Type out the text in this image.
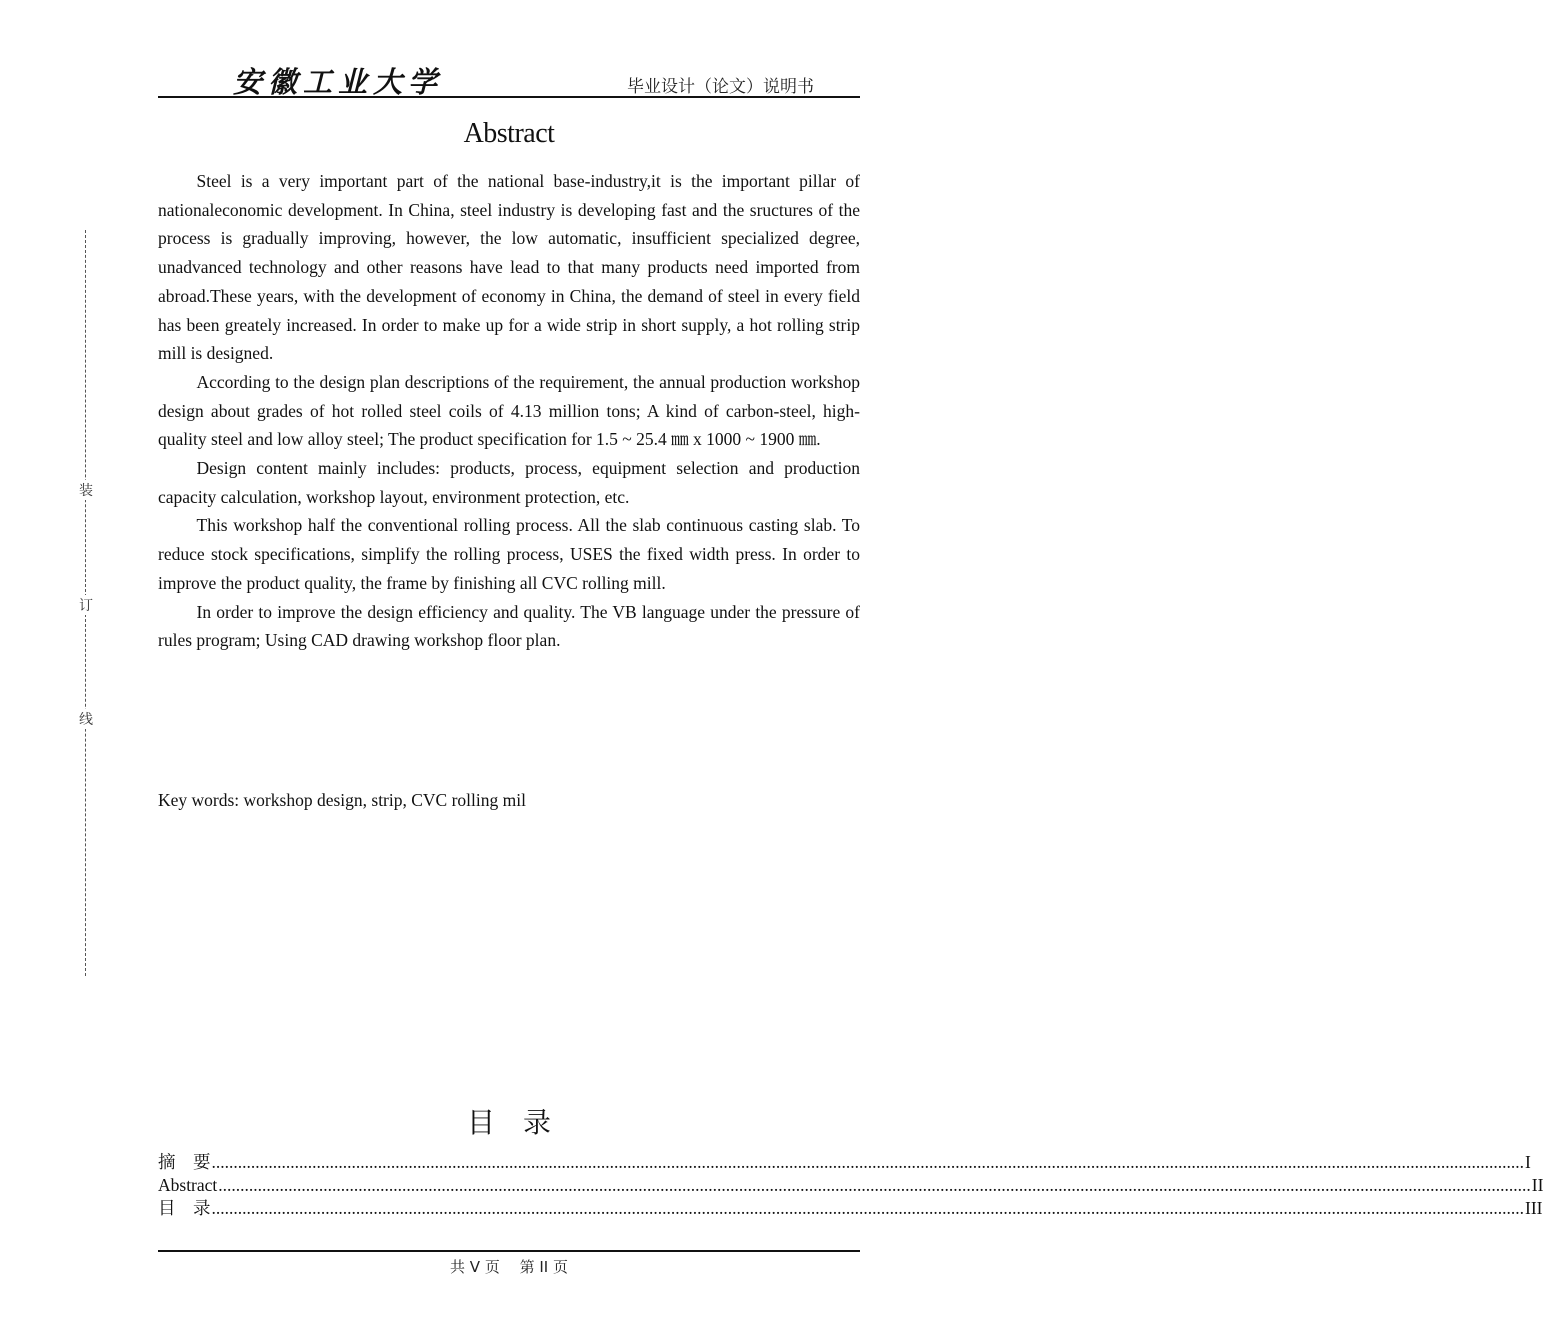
安徽工业大学	毕业设计（论文）说明书
装
订
线
Abstract

Steel is a very important part of the national base-industry,it is the important pillar of nationaleconomic development. In China, steel industry is developing fast and the sructures of the process is gradually improving, however, the low automatic, insufficient specialized degree, unadvanced technology and other reasons have lead to that many products need imported from abroad.These years, with the development of economy in China, the demand of steel in every field has been greately increased. In order to make up for a wide strip in short supply, a hot rolling strip mill is designed.

According to the design plan descriptions of the requirement, the annual production workshop design about grades of hot rolled steel coils of 4.13 million tons; A kind of carbon-steel, high-quality steel and low alloy steel; The product specification for 1.5 ~ 25.4 ㎜ x 1000 ~ 1900 ㎜.

Design content mainly includes: products, process, equipment selection and production capacity calculation, workshop layout, environment protection, etc.

This workshop half the conventional rolling process. All the slab continuous casting slab. To reduce stock specifications, simplify the rolling process, USES the fixed width press. In order to improve the product quality, the frame by finishing all CVC rolling mill.

In order to improve the design efficiency and quality. The VB language under the pressure of rules program; Using CAD drawing workshop floor plan.

Key words: workshop design, strip, CVC rolling mil
目　录
摘　要 ............................................................................................................................................................................................................................................................................................................ I
Abstract ............................................................................................................................................................................................................................................................................................................ II
目　录 ............................................................................................................................................................................................................................................................................................................ III
共 V 页　 第 II 页
